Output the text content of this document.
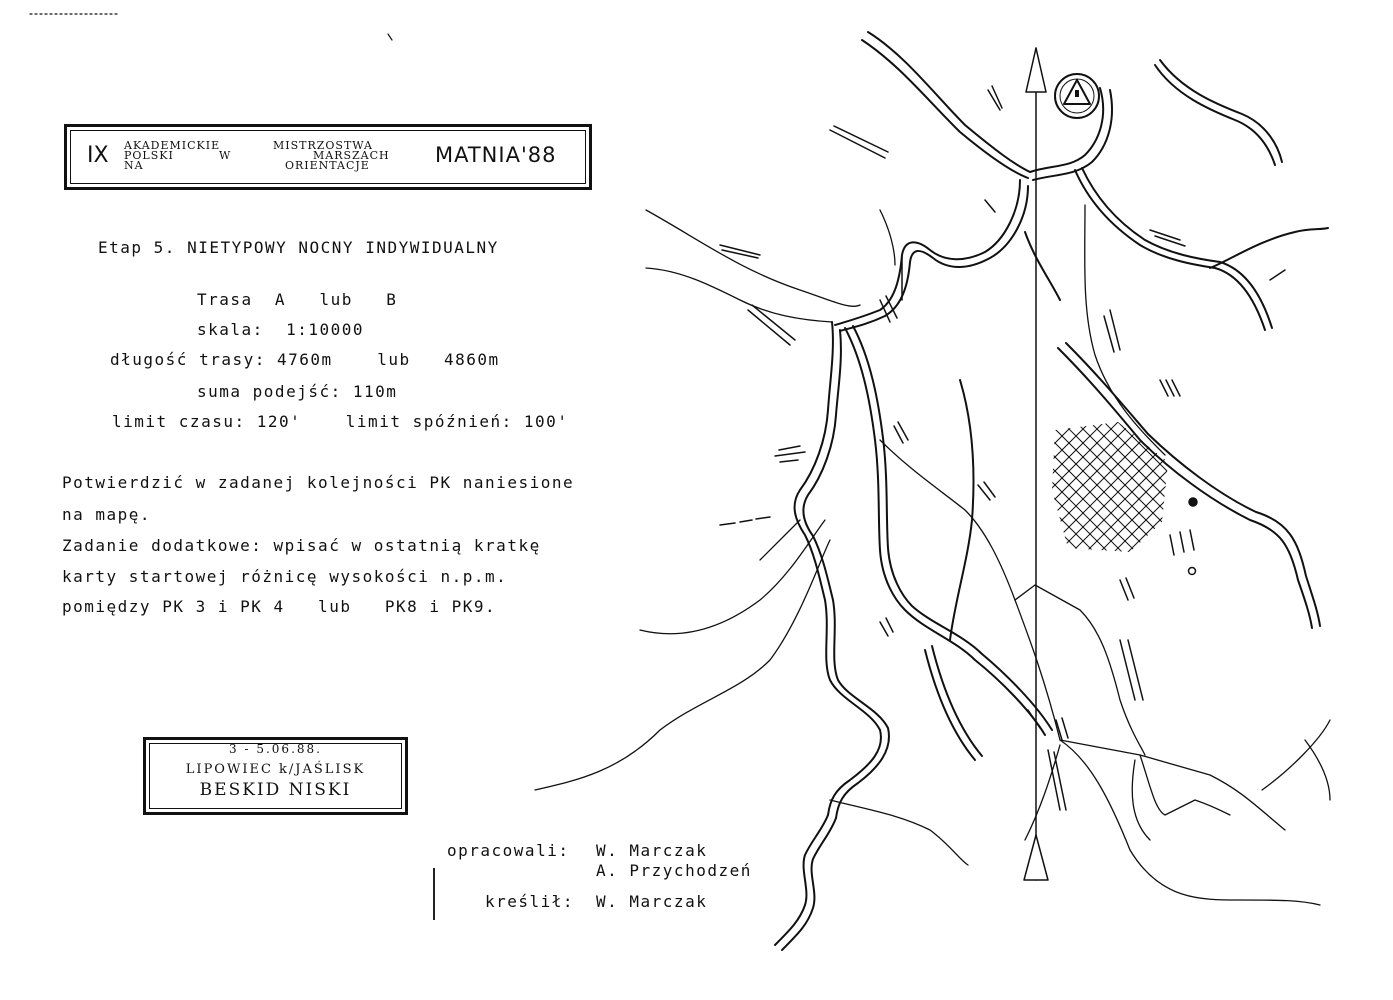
IX AKADEMICKIE	MISTRZOSTWA
POLSKI	W	MARSZACH
NA	ORIENTACJE	MATNIA'88
Etap 5. NIETYPOWY NOCNY INDYWIDUALNY
Trasa  A   lub   B
skala:  1:10000
długość trasy: 4760m    lub   4860m
suma podejść: 110m
limit czasu: 120'    limit spóźnień: 100'
Potwierdzić w zadanej kolejności PK naniesione
na mapę.
Zadanie dodatkowe: wpisać w ostatnią kratkę
karty startowej różnicę wysokości n.p.m.
pomiędzy PK 3 i PK 4   lub   PK8 i PK9.
3 - 5.06.88.
LIPOWIEC k/JAŚLISK
BESKID NISKI
opracowali: W. Marczak
A. Przychodzeń
kreślił: W. Marczak
